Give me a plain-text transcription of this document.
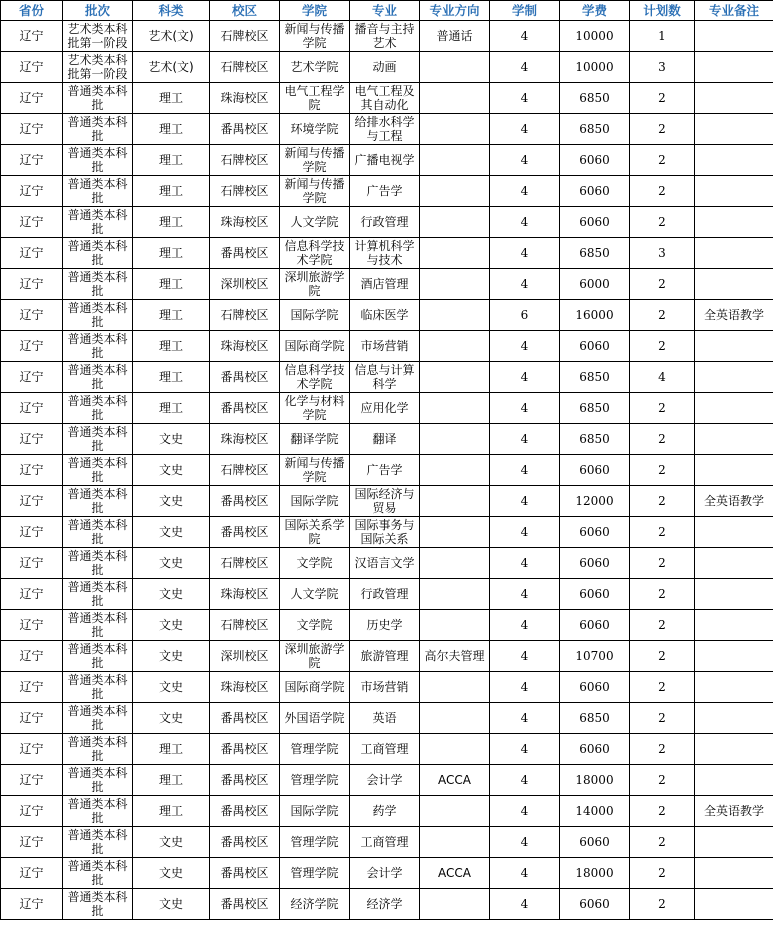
省份	批次	科类	校区	学院	专业	专业方向	学制	学费	计划数	专业备注
辽宁	艺术类本科批第一阶段	艺术(文)	石牌校区	新闻与传播学院	播音与主持艺术	普通话	4	10000	1	
辽宁	艺术类本科批第一阶段	艺术(文)	石牌校区	艺术学院	动画		4	10000	3	
辽宁	普通类本科批	理工	珠海校区	电气工程学院	电气工程及其自动化		4	6850	2	
辽宁	普通类本科批	理工	番禺校区	环境学院	给排水科学与工程		4	6850	2	
辽宁	普通类本科批	理工	石牌校区	新闻与传播学院	广播电视学		4	6060	2	
辽宁	普通类本科批	理工	石牌校区	新闻与传播学院	广告学		4	6060	2	
辽宁	普通类本科批	理工	珠海校区	人文学院	行政管理		4	6060	2	
辽宁	普通类本科批	理工	番禺校区	信息科学技术学院	计算机科学与技术		4	6850	3	
辽宁	普通类本科批	理工	深圳校区	深圳旅游学院	酒店管理		4	6000	2	
辽宁	普通类本科批	理工	石牌校区	国际学院	临床医学		6	16000	2	全英语教学
辽宁	普通类本科批	理工	珠海校区	国际商学院	市场营销		4	6060	2	
辽宁	普通类本科批	理工	番禺校区	信息科学技术学院	信息与计算科学		4	6850	4	
辽宁	普通类本科批	理工	番禺校区	化学与材料学院	应用化学		4	6850	2	
辽宁	普通类本科批	文史	珠海校区	翻译学院	翻译		4	6850	2	
辽宁	普通类本科批	文史	石牌校区	新闻与传播学院	广告学		4	6060	2	
辽宁	普通类本科批	文史	番禺校区	国际学院	国际经济与贸易		4	12000	2	全英语教学
辽宁	普通类本科批	文史	番禺校区	国际关系学院	国际事务与国际关系		4	6060	2	
辽宁	普通类本科批	文史	石牌校区	文学院	汉语言文学		4	6060	2	
辽宁	普通类本科批	文史	珠海校区	人文学院	行政管理		4	6060	2	
辽宁	普通类本科批	文史	石牌校区	文学院	历史学		4	6060	2	
辽宁	普通类本科批	文史	深圳校区	深圳旅游学院	旅游管理	高尔夫管理	4	10700	2	
辽宁	普通类本科批	文史	珠海校区	国际商学院	市场营销		4	6060	2	
辽宁	普通类本科批	文史	番禺校区	外国语学院	英语		4	6850	2	
辽宁	普通类本科批	理工	番禺校区	管理学院	工商管理		4	6060	2	
辽宁	普通类本科批	理工	番禺校区	管理学院	会计学	ACCA	4	18000	2	
辽宁	普通类本科批	理工	番禺校区	国际学院	药学		4	14000	2	全英语教学
辽宁	普通类本科批	文史	番禺校区	管理学院	工商管理		4	6060	2	
辽宁	普通类本科批	文史	番禺校区	管理学院	会计学	ACCA	4	18000	2	
辽宁	普通类本科批	文史	番禺校区	经济学院	经济学		4	6060	2	
